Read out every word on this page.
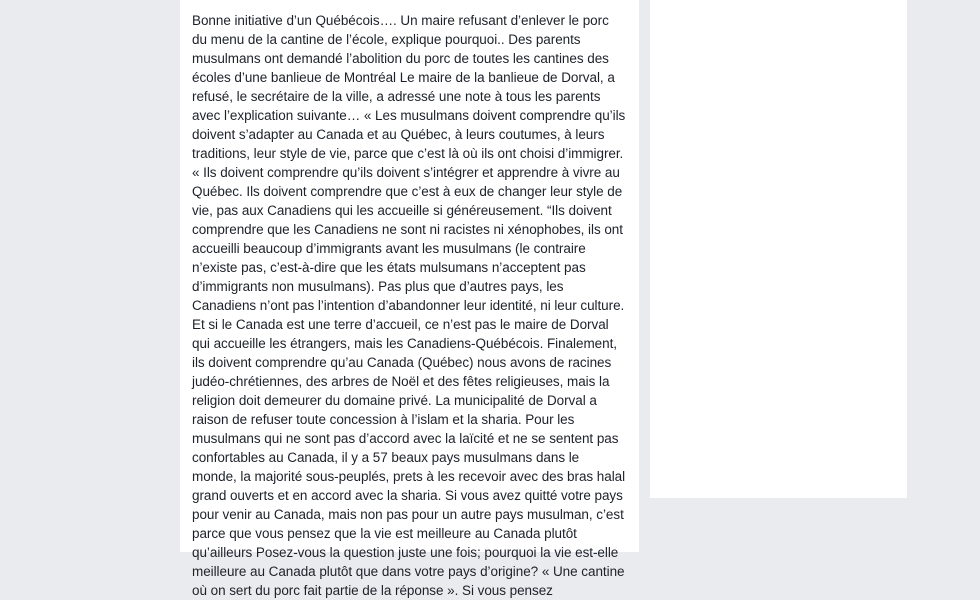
Bonne initiative d’un Québécois…. Un maire refusant d’enlever le porc du menu de la cantine de l’école, explique pourquoi.. Des parents musulmans ont demandé l’abolition du porc de toutes les cantines des écoles d’une banlieue de Montréal Le maire de la banlieue de Dorval, a refusé, le secrétaire de la ville, a adressé une note à tous les parents avec l’explication suivante… « Les musulmans doivent comprendre qu’ils doivent s’adapter au Canada et au Québec, à leurs coutumes, à leurs traditions, leur style de vie, parce que c’est là où ils ont choisi d’immigrer. « Ils doivent comprendre qu’ils doivent s’intégrer et apprendre à vivre au Québec. Ils doivent comprendre que c’est à eux de changer leur style de vie, pas aux Canadiens qui les accueille si généreusement. “Ils doivent comprendre que les Canadiens ne sont ni racistes ni xénophobes, ils ont accueilli beaucoup d’immigrants avant les musulmans (le contraire n’existe pas, c’est-à-dire que les états mulsumans n’acceptent pas d’immigrants non musulmans). Pas plus que d’autres pays, les Canadiens n’ont pas l’intention d’abandonner leur identité, ni leur culture. Et si le Canada est une terre d’accueil, ce n’est pas le maire de Dorval qui accueille les étrangers, mais les Canadiens-Québécois. Finalement, ils doivent comprendre qu’au Canada (Québec) nous avons de racines judéo-chrétiennes, des arbres de Noël et des fêtes religieuses, mais la religion doit demeurer du domaine privé. La municipalité de Dorval a raison de refuser toute concession à l’islam et la sharia. Pour les musulmans qui ne sont pas d’accord avec la laïcité et ne se sentent pas confortables au Canada, il y a 57 beaux pays musulmans dans le monde, la majorité sous-peuplés, prets à les recevoir avec des bras halal grand ouverts et en accord avec la sharia. Si vous avez quitté votre pays pour venir au Canada, mais non pas pour un autre pays musulman, c’est parce que vous pensez que la vie est meilleure au Canada plutôt qu’ailleurs Posez-vous la question juste une fois; pourquoi la vie est-elle meilleure au Canada plutôt que dans votre pays d’origine? « Une cantine où on sert du porc fait partie de la réponse ». Si vous pensez
